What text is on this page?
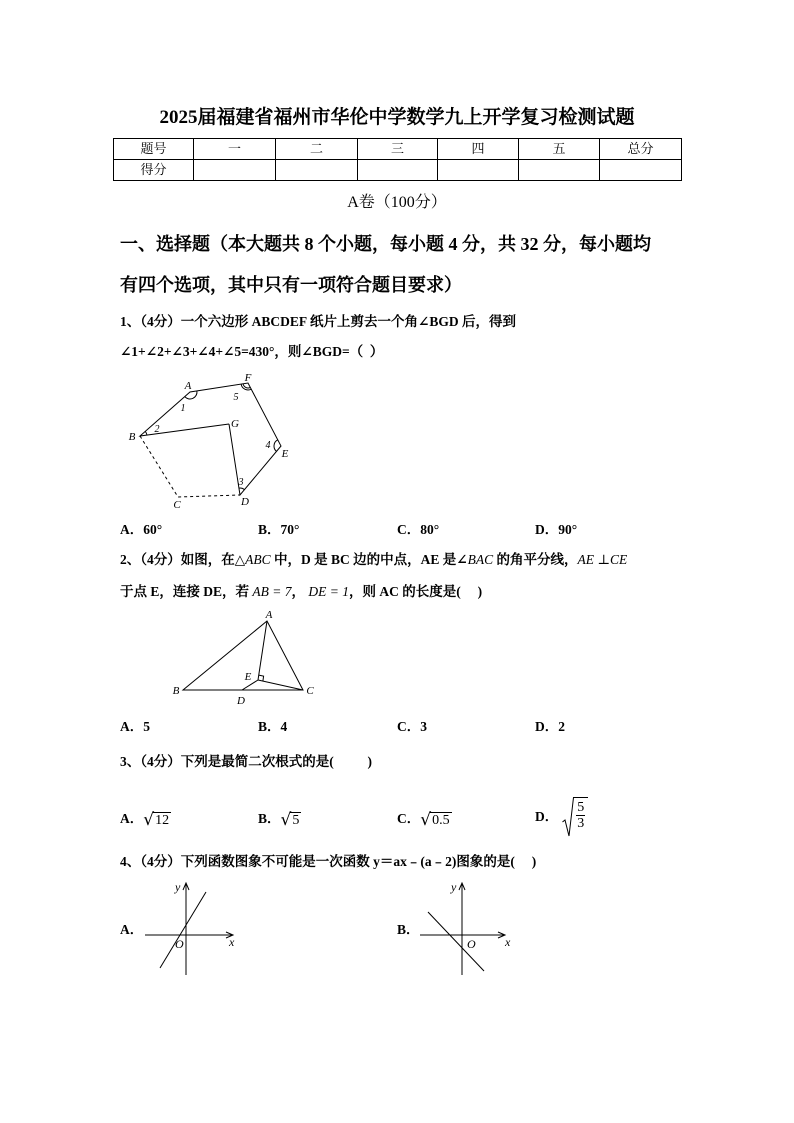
2025届福建省福州市华伦中学数学九上开学复习检测试题
题号	一	二	三	四	五	总分
得分						
A卷（100分）
一、选择题（本大题共 8 个小题，每小题 4 分，共 32 分，每小题均
有四个选项，其中只有一项符合题目要求）
1、（4分）一个六边形 ABCDEF 纸片上剪去一个角∠BGD 后，得到
∠1+∠2+∠3+∠4+∠5=430°，则∠BGD=（  ）
A
F
E
D
C
B
G
1
2
3
4
5
A．60°	B．70°	C．80°	D．90°
2、（4分）如图，在△ABC 中，D 是 BC 边的中点，AE 是∠BAC 的角平分线，AE ⊥CE
于点 E，连接 DE，若 AB = 7， DE = 1，则 AC 的长度是(     )
A
B	C
D
E
A．5	B．4	C．3	D．2
3、（4分）下列是最简二次根式的是(          )
A． √ 12	B． √ 5	C． √ 0.5	D． $\frac{5}{3}$
4、（4分）下列函数图象不可能是一次函数 y＝ax﹣(a﹣2)图象的是(     )
A．
y
x
O
B．
y
x
O
